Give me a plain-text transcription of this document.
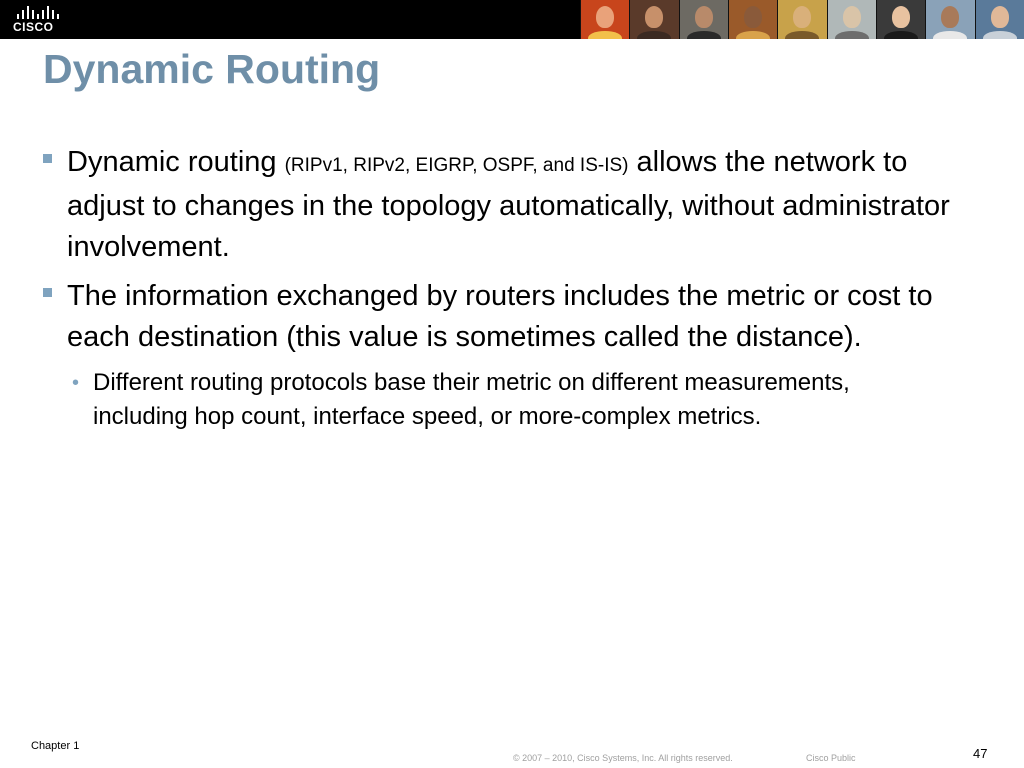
CISCO
Dynamic Routing
Dynamic routing (RIPv1, RIPv2, EIGRP, OSPF, and IS-IS) allows the network to adjust to changes in the topology automatically, without administrator involvement.
The information exchanged by routers includes the metric or cost to each destination (this value is sometimes called the distance).
• Different routing protocols base their metric on different measurements, including hop count, interface speed, or more-complex metrics.
Chapter 1
© 2007 – 2010, Cisco Systems, Inc. All rights reserved.	Cisco Public	47
